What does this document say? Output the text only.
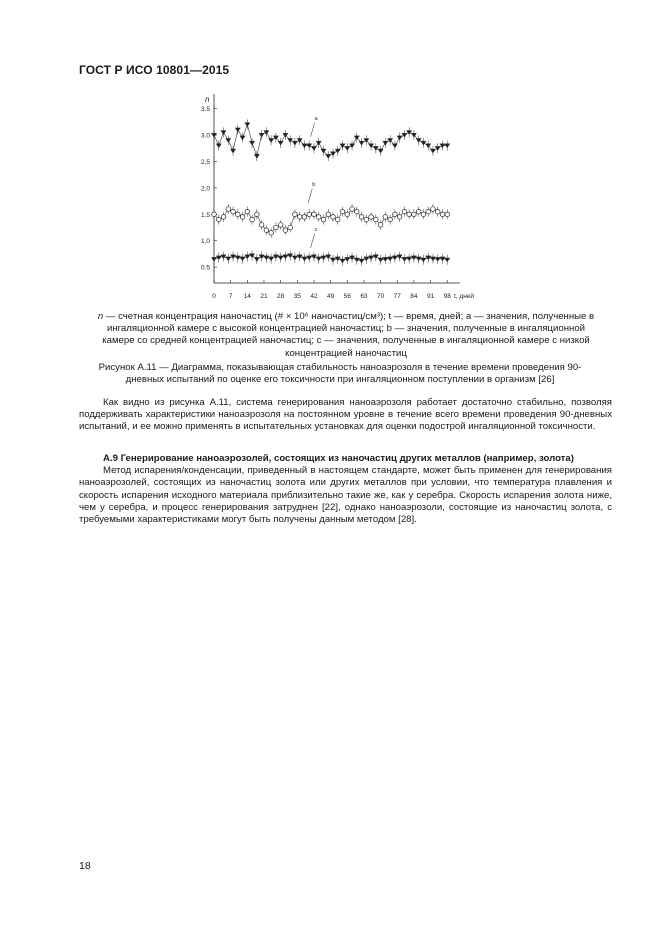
ГОСТ Р ИСО 10801—2015
n
0.5
1,0
1.5
2,0
2,5
3.0
3.5
0 7 14 21 28 35 42 49 56 63 70 77 84 91 98 t, дней
a
b
c
n — счетная концентрация наночастиц (# × 10⁶ наночастиц/см³); t — время, дней; a — значения, полученные в ингаляционной камере с высокой концентрацией наночастиц; b — значения, полученные в ингаляционной камере со средней концентрацией наночастиц; c — значения, полученные в ингаляционной камере с низкой концентрацией наночастиц
Рисунок А.11 — Диаграмма, показывающая стабильность нанoаэрозоля в течение времени проведения 90-дневных испытаний по оценке его токсичности при ингаляционном поступлении в организм [26]

Как видно из рисунка А.11, система генерирования наноаэрозоля работает достаточно стабильно, позволяя поддерживать характеристики наноаэрозоля на постоянном уровне в течение всего времени проведения 90-дневных испытаний, и ее можно применять в испытательных установках для оценки подострой ингаляционной токсичности.

А.9 Генерирование наноаэрозолей, состоящих из наночастиц других металлов (например, золота)
Метод испарения/конденсации, приведенный в настоящем стандарте, может быть применен для генерирования наноаэрозолей, состоящих из наночастиц золота или других металлов при условии, что температура плавления и скорость испарения исходного материала приблизительно такие же, как у серебра. Скорость испарения золота ниже, чем у серебра, и процесс генерирования затруднен [22], однако наноаэрозоли, состоящие из наночастиц золота, с требуемыми характеристиками могут быть получены данным методом [28].
18
